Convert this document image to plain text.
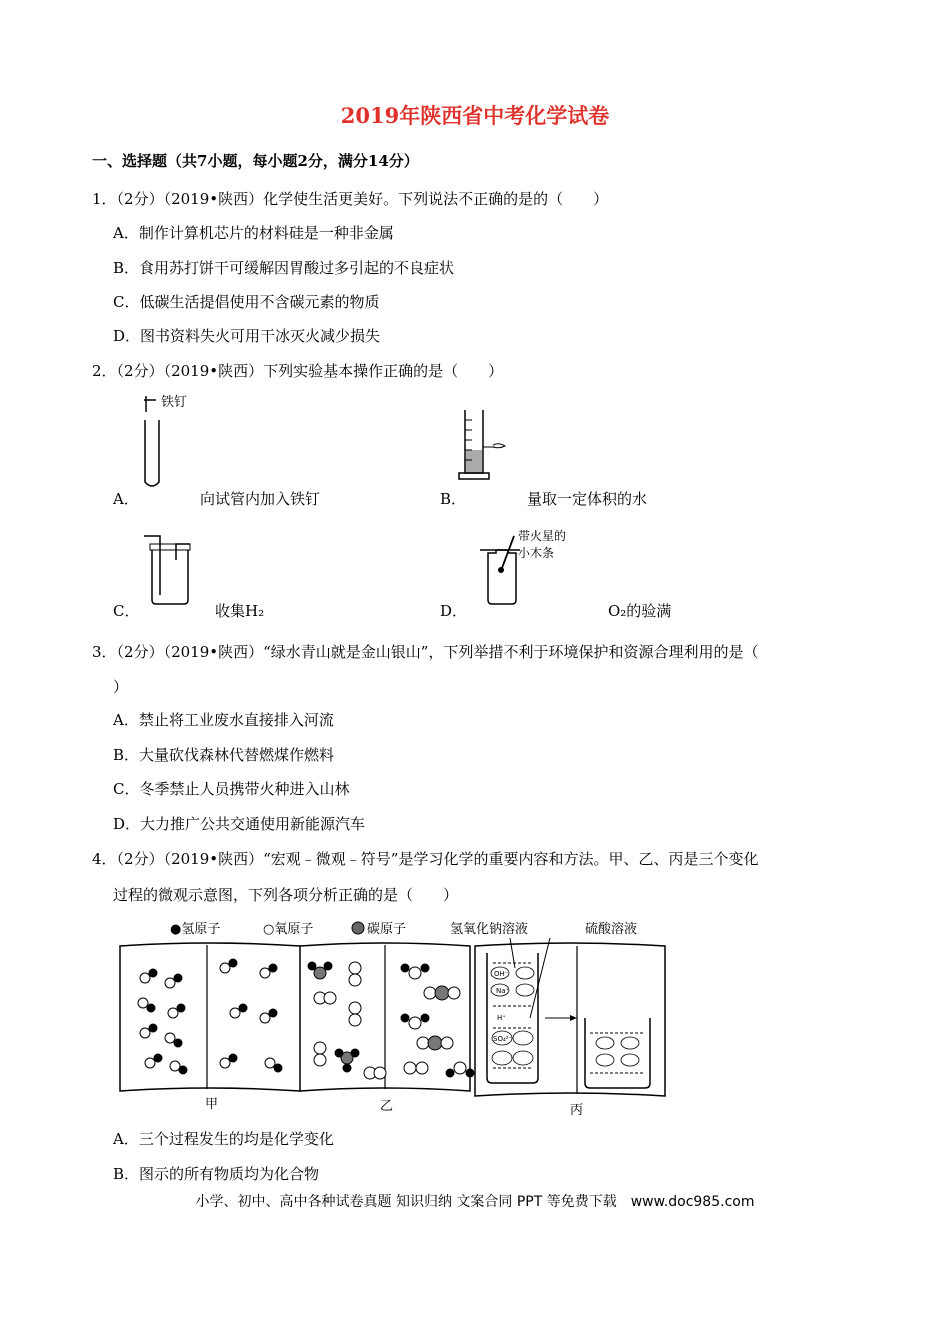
2019年陕西省中考化学试卷
一、选择题（共7小题，每小题2分，满分14分）
1．（2分）（2019•陕西）化学使生活更美好。下列说法不正确的是的（　　）
A．制作计算机芯片的材料硅是一种非金属
B．食用苏打饼干可缓解因胃酸过多引起的不良症状
C．低碳生活提倡使用不含碳元素的物质
D．图书资料失火可用干冰灭火减少损失
2．（2分）（2019•陕西）下列实验基本操作正确的是（　　）
铁钉
A．	向试管内加入铁钉	B．	量取一定体积的水
C．	收集H₂
带火星的
小木条
D．	O₂的验满
3．（2分）（2019•陕西）“绿水青山就是金山银山”，下列举措不利于环境保护和资源合理利用的是（
）
A．禁止将工业废水直接排入河流
B．大量砍伐森林代替燃煤作燃料
C．冬季禁止人员携带火种进入山林
D．大力推广公共交通使用新能源汽车
4．（2分）（2019•陕西）“宏观﹣微观﹣符号”是学习化学的重要内容和方法。甲、乙、丙是三个变化
过程的微观示意图，下列各项分析正确的是（　　）
●氢原子	○氧原子	碳原子	氢氧化钠溶液	硫酸溶液
OH⁻
Na⁺
H⁺
SO₄²⁻
甲	乙	丙
A．三个过程发生的均是化学变化
B．图示的所有物质均为化合物
小学、初中、高中各种试卷真题 知识归纳 文案合同 PPT 等免费下载　www.doc985.com
